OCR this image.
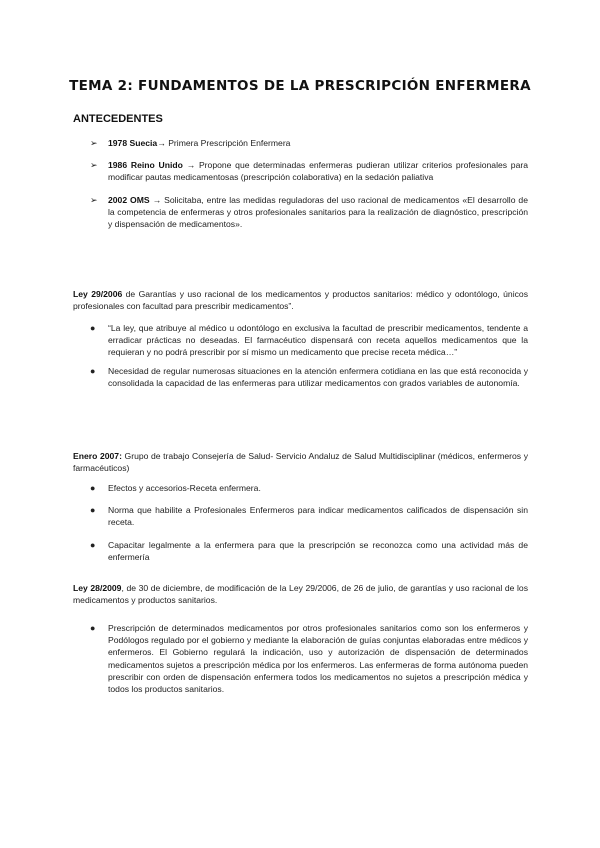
TEMA 2: FUNDAMENTOS DE LA PRESCRIPCIÓN ENFERMERA
ANTECEDENTES
➢ 1978 Suecia→ Primera Prescripción Enfermera
➢ 1986 Reino Unido → Propone que determinadas enfermeras pudieran utilizar criterios profesionales para modificar pautas medicamentosas (prescripción colaborativa) en la sedación paliativa
➢ 2002 OMS → Solicitaba, entre las medidas reguladoras del uso racional de medicamentos «El desarrollo de la competencia de enfermeras y otros profesionales sanitarios para la realización de diagnóstico, prescripción y dispensación de medicamentos».
Ley 29/2006 de Garantías y uso racional de los medicamentos y productos sanitarios: médico y odontólogo, únicos profesionales con facultad para prescribir medicamentos”.
● “La ley, que atribuye al médico u odontólogo en exclusiva la facultad de prescribir medicamentos, tendente a erradicar prácticas no deseadas. El farmacéutico dispensará con receta aquellos medicamentos que la requieran y no podrá prescribir por sí mismo un medicamento que precise receta médica…”
● Necesidad de regular numerosas situaciones en la atención enfermera cotidiana en las que está reconocida y consolidada la capacidad de las enfermeras para utilizar medicamentos con grados variables de autonomía.
Enero 2007: Grupo de trabajo Consejería de Salud- Servicio Andaluz de Salud Multidisciplinar (médicos, enfermeros y farmacéuticos)
● Efectos y accesorios-Receta enfermera.
● Norma que habilite a Profesionales Enfermeros para indicar medicamentos calificados de dispensación sin receta.
● Capacitar legalmente a la enfermera para que la prescripción se reconozca como una actividad más de enfermería
Ley 28/2009, de 30 de diciembre, de modificación de la Ley 29/2006, de 26 de julio, de garantías y uso racional de los medicamentos y productos sanitarios.
● Prescripción de determinados medicamentos por otros profesionales sanitarios como son los enfermeros y Podólogos regulado por el gobierno y mediante la elaboración de guías conjuntas elaboradas entre médicos y enfermeros. El Gobierno regulará la indicación, uso y autorización de dispensación de determinados medicamentos sujetos a prescripción médica por los enfermeros. Las enfermeras de forma autónoma pueden prescribir con orden de dispensación enfermera todos los medicamentos no sujetos a prescripción médica y todos los productos sanitarios.
